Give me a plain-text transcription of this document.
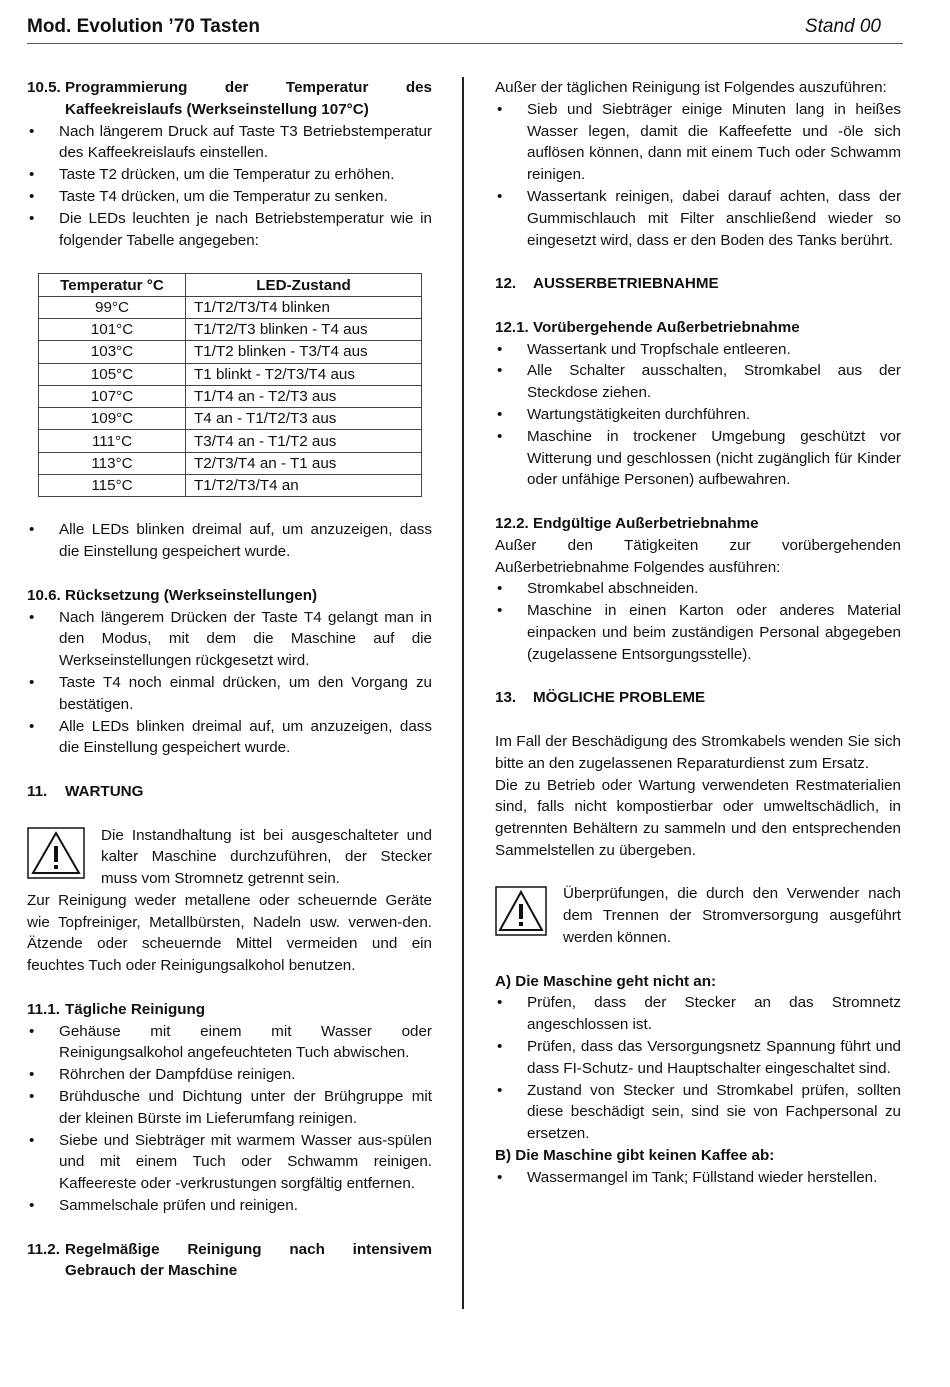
Mod. Evolution ’70 Tasten	Stand 00
10.5. Programmierung der Temperatur des
Kaffeekreislaufs (Werkseinstellung 107°C)
• Nach längerem Druck auf Taste T3 Betriebstemperatur des Kaffeekreislaufs einstellen.
• Taste T2 drücken, um die Temperatur zu erhöhen.
• Taste T4 drücken, um die Temperatur zu senken.
• Die LEDs leuchten je nach Betriebstemperatur wie in folgender Tabelle angegeben:
Temperatur °C	LED-Zustand
99°C	T1/T2/T3/T4 blinken
101°C	T1/T2/T3 blinken - T4 aus
103°C	T1/T2 blinken - T3/T4 aus
105°C	T1 blinkt - T2/T3/T4 aus
107°C	T1/T4 an - T2/T3 aus
109°C	T4 an - T1/T2/T3 aus
111°C	T3/T4 an - T1/T2 aus
113°C	T2/T3/T4 an - T1 aus
115°C	T1/T2/T3/T4 an
• Alle LEDs blinken dreimal auf, um anzuzeigen, dass die Einstellung gespeichert wurde.
10.6. Rücksetzung (Werkseinstellungen)
• Nach längerem Drücken der Taste T4 gelangt man in den Modus, mit dem die Maschine auf die Werkseinstellungen rückgesetzt wird.
• Taste T4 noch einmal drücken, um den Vorgang zu bestätigen.
• Alle LEDs blinken dreimal auf, um anzuzeigen, dass die Einstellung gespeichert wurde.
11.	WARTUNG
Die Instandhaltung ist bei ausgeschalteter und kalter Maschine durchzuführen, der Stecker muss vom Stromnetz getrennt sein.
Zur Reinigung weder metallene oder scheuernde Geräte wie Topfreiniger, Metallbürsten, Nadeln usw. verwen-den. Ätzende oder scheuernde Mittel vermeiden und ein feuchtes Tuch oder Reinigungsalkohol benutzen.
11.1. Tägliche Reinigung
• Gehäuse mit einem mit Wasser oder Reinigungsalkohol angefeuchteten Tuch abwischen.
• Röhrchen der Dampfdüse reinigen.
• Brühdusche und Dichtung unter der Brühgruppe mit der kleinen Bürste im Lieferumfang reinigen.
• Siebe und Siebträger mit warmem Wasser aus-spülen und mit einem Tuch oder Schwamm reinigen. Kaffeereste oder -verkrustungen sorgfältig entfernen.
• Sammelschale prüfen und reinigen.
11.2. Regelmäßige Reinigung nach intensivem
Gebrauch der Maschine
Außer der täglichen Reinigung ist Folgendes auszuführen:
• Sieb und Siebträger einige Minuten lang in heißes Wasser legen, damit die Kaffeefette und -öle sich auflösen können, dann mit einem Tuch oder Schwamm reinigen.
• Wassertank reinigen, dabei darauf achten, dass der Gummischlauch mit Filter anschließend wieder so eingesetzt wird, dass er den Boden des Tanks berührt.
12.	AUSSERBETRIEBNAHME
12.1. Vorübergehende Außerbetriebnahme
• Wassertank und Tropfschale entleeren.
• Alle Schalter ausschalten, Stromkabel aus der Steckdose ziehen.
• Wartungstätigkeiten durchführen.
• Maschine in trockener Umgebung geschützt vor Witterung und geschlossen (nicht zugänglich für Kinder oder unfähige Personen) aufbewahren.
12.2. Endgültige Außerbetriebnahme
Außer den Tätigkeiten zur vorübergehenden Außerbetriebnahme Folgendes ausführen:
• Stromkabel abschneiden.
• Maschine in einen Karton oder anderes Material einpacken und beim zuständigen Personal abgegeben (zugelassene Entsorgungsstelle).
13.	MÖGLICHE PROBLEME
Im Fall der Beschädigung des Stromkabels wenden Sie sich bitte an den zugelassenen Reparaturdienst zum Ersatz.
Die zu Betrieb oder Wartung verwendeten Restmaterialien sind, falls nicht kompostierbar oder umweltschädlich, in getrennten Behältern zu sammeln und den entsprechenden Sammelstellen zu übergeben.
Überprüfungen, die durch den Verwender nach dem Trennen der Stromversorgung ausgeführt werden können.
A) Die Maschine geht nicht an:
• Prüfen, dass der Stecker an das Stromnetz angeschlossen ist.
• Prüfen, dass das Versorgungsnetz Spannung führt und dass FI-Schutz- und Hauptschalter eingeschaltet sind.
• Zustand von Stecker und Stromkabel prüfen, sollten diese beschädigt sein, sind sie von Fachpersonal zu ersetzen.
B) Die Maschine gibt keinen Kaffee ab:
• Wassermangel im Tank; Füllstand wieder herstellen.
